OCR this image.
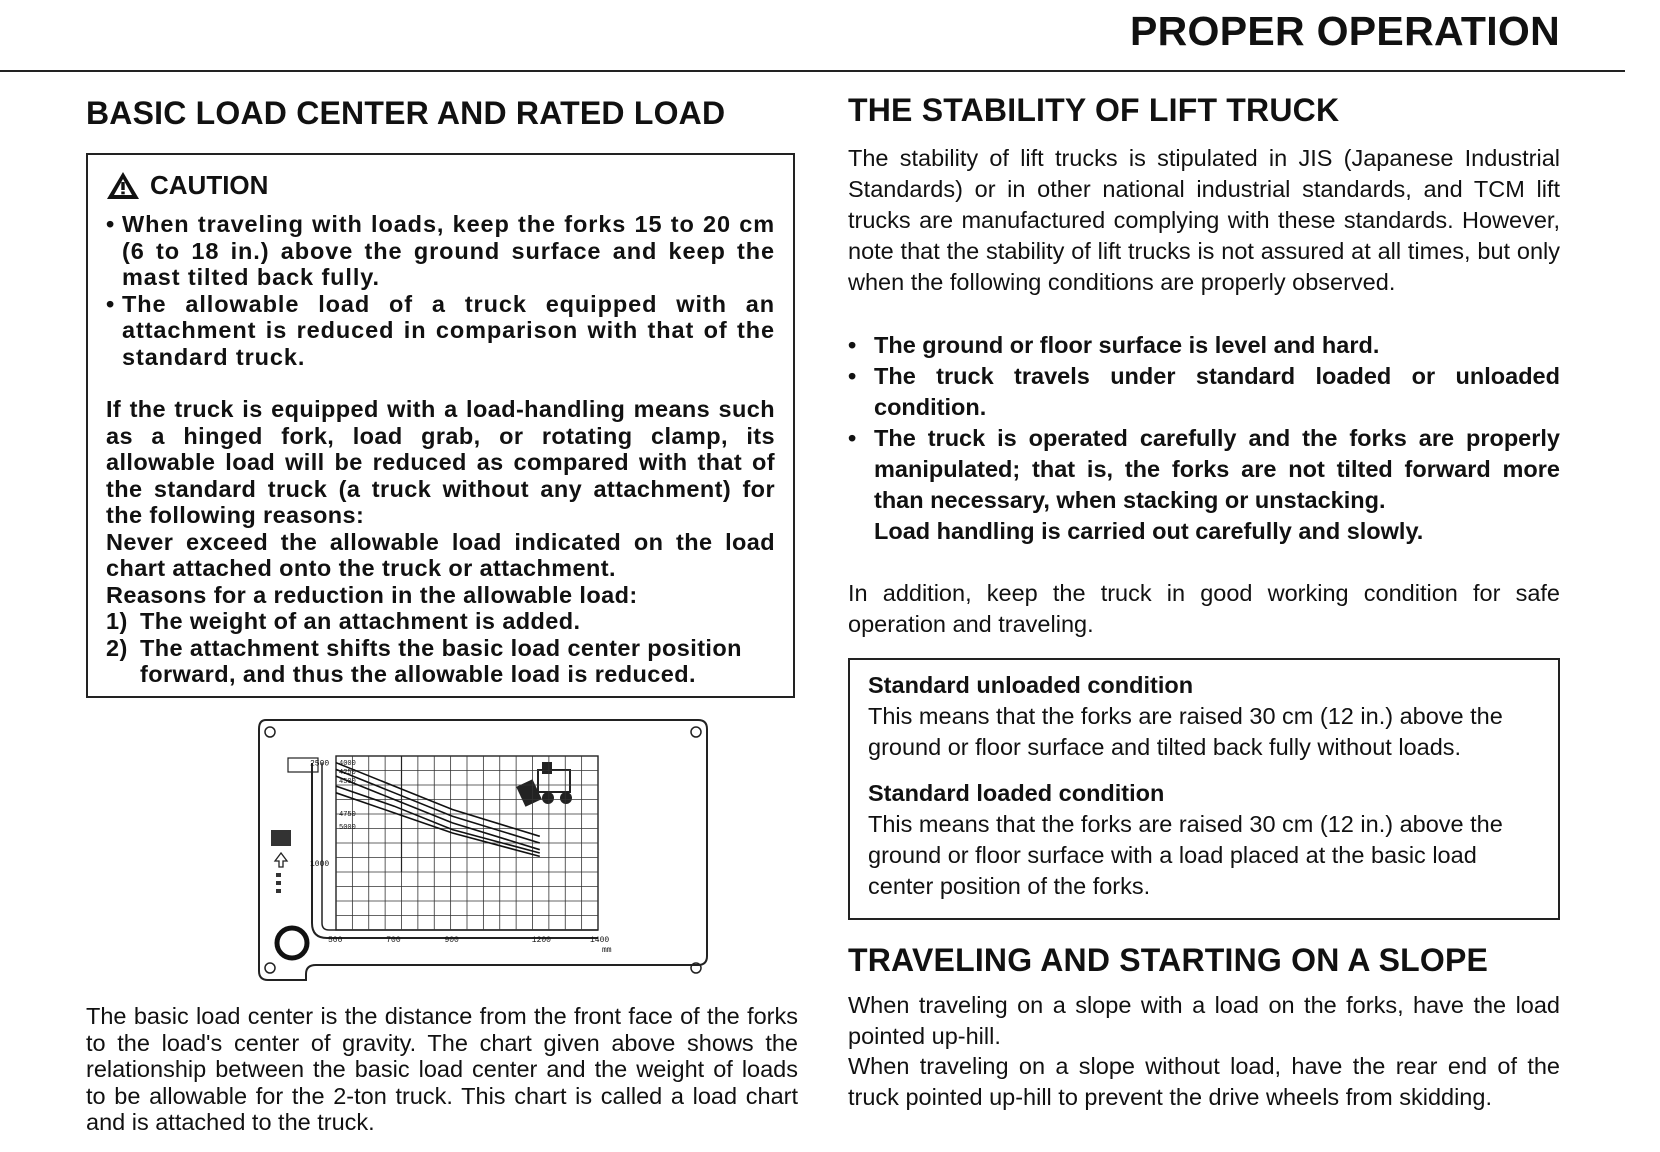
PROPER OPERATION
BASIC LOAD CENTER AND RATED LOAD
CAUTION
• When traveling with loads, keep the forks 15 to 20 cm (6 to 18 in.) above the ground surface and keep the mast tilted back fully.
• The allowable load of a truck equipped with an attachment is reduced in comparison with that of the standard truck.

If the truck is equipped with a load-handling means such as a hinged fork, load grab, or rotating clamp, its allowable load will be reduced as compared with that of the standard truck (a truck without any attachment) for the following reasons:

Never exceed the allowable load indicated on the load chart attached onto the truck or attachment.

Reasons for a reduction in the allowable load:

1) The weight of an attachment is added.
2) The attachment shifts the basic load center position forward, and thus the allowable load is reduced.
4000
4250
4500
4750
5000
500	700	900	1200	1400
2500
1000
mm
The basic load center is the distance from the front face of the forks to the load's center of gravity. The chart given above shows the relationship between the basic load center and the weight of loads to be allowable for the 2-ton truck. This chart is called a load chart and is attached to the truck.
THE STABILITY OF LIFT TRUCK
The stability of lift trucks is stipulated in JIS (Japanese Industrial Standards) or in other national industrial standards, and TCM lift trucks are manufactured complying with these standards. However, note that the stability of lift trucks is not assured at all times, but only when the following conditions are properly observed.
• The ground or floor surface is level and hard.
• The truck travels under standard loaded or unloaded condition.
• The truck is operated carefully and the forks are properly manipulated; that is, the forks are not tilted forward more than necessary, when stacking or unstacking.
Load handling is carried out carefully and slowly.
In addition, keep the truck in good working condition for safe operation and traveling.
Standard unloaded condition
This means that the forks are raised 30 cm (12 in.) above the ground or floor surface and tilted back fully without loads.
Standard loaded condition
This means that the forks are raised 30 cm (12 in.) above the ground or floor surface with a load placed at the basic load center position of the forks.
TRAVELING AND STARTING ON A SLOPE
When traveling on a slope with a load on the forks, have the load pointed up-hill.
When traveling on a slope without load, have the rear end of the truck pointed up-hill to prevent the drive wheels from skidding.
